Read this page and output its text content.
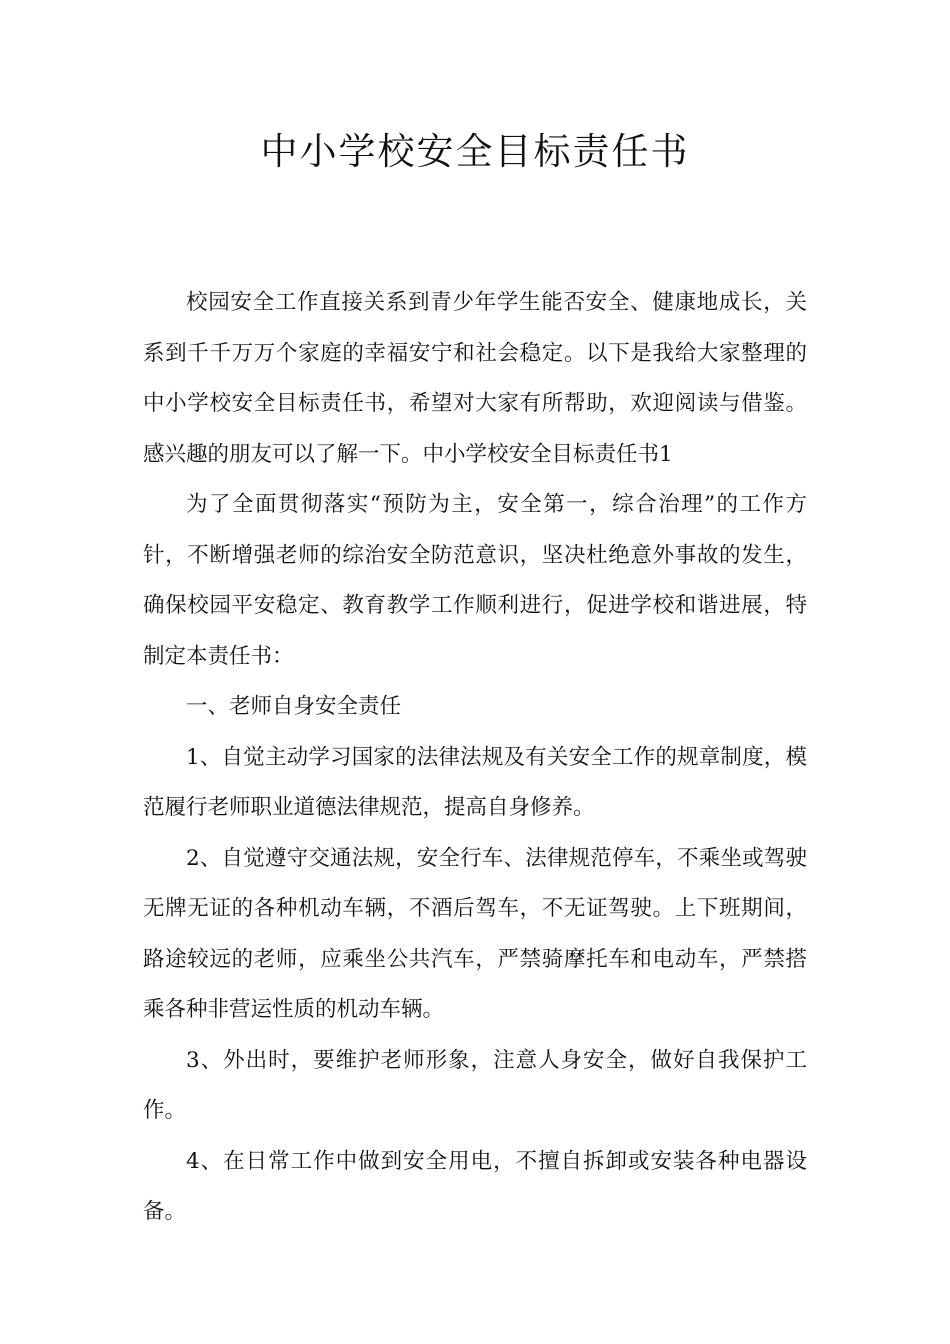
中小学校安全目标责任书

校园安全工作直接关系到青少年学生能否安全、健康地成长，关系到千千万万个家庭的幸福安宁和社会稳定。以下是我给大家整理的中小学校安全目标责任书，希望对大家有所帮助，欢迎阅读与借鉴。感兴趣的朋友可以了解一下。中小学校安全目标责任书1

为了全面贯彻落实“预防为主，安全第一，综合治理”的工作方针，不断增强老师的综治安全防范意识，坚决杜绝意外事故的发生，确保校园平安稳定、教育教学工作顺利进行，促进学校和谐进展，特制定本责任书：

一、老师自身安全责任

1、自觉主动学习国家的法律法规及有关安全工作的规章制度，模范履行老师职业道德法律规范，提高自身修养。

2、自觉遵守交通法规，安全行车、法律规范停车，不乘坐或驾驶无牌无证的各种机动车辆，不酒后驾车，不无证驾驶。上下班期间，路途较远的老师，应乘坐公共汽车，严禁骑摩托车和电动车，严禁搭乘各种非营运性质的机动车辆。

3、外出时，要维护老师形象，注意人身安全，做好自我保护工作。

4、在日常工作中做到安全用电，不擅自拆卸或安装各种电器设备。
